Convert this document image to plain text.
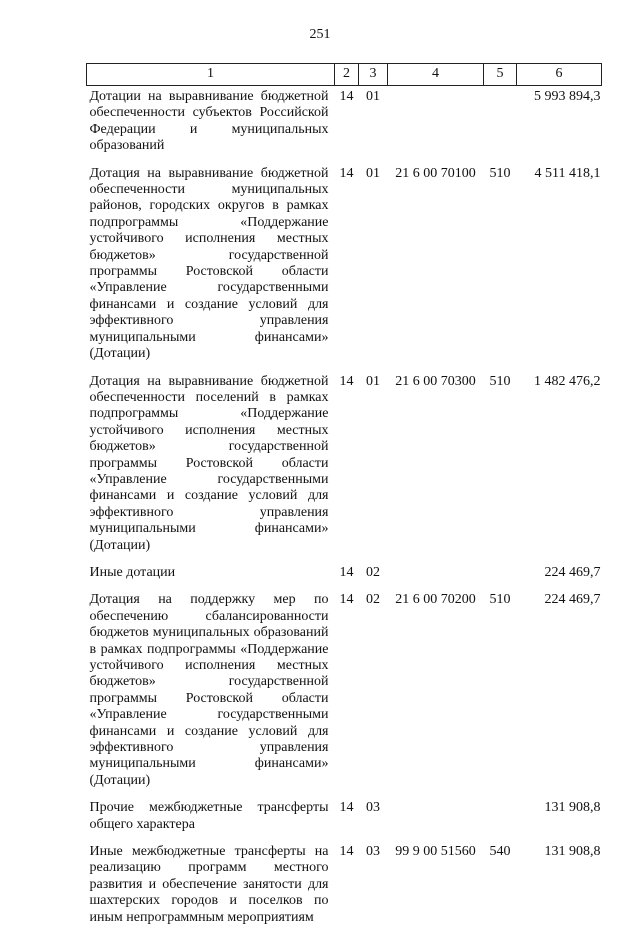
251
1	2	3	4	5	6
Дотации на выравнивание бюджетной обеспеченности субъектов Российской Федерации и муниципальных образований	14	01			5 993 894,3
Дотация на выравнивание бюджетной обеспеченности муниципальных районов, городских округов в рамках подпрограммы «Поддержание устойчивого исполнения местных бюджетов» государственной программы Ростовской области «Управлениe государственными финансами и создание условий для эффективного управления муниципальными финансами» (Дотации)	14	01	21 6 00 70100	510	4 511 418,1
Дотация на выравнивание бюджетной обеспеченности поселений в рамках подпрограммы «Поддержание устойчивого исполнения местных бюджетов» государственной программы Ростовской области «Управление государственными финансами и создание условий для эффективного управления муниципальными финансами» (Дотации)	14	01	21 6 00 70300	510	1 482 476,2
Иные дотации	14	02			224 469,7
Дотация на поддержку мер по обеспечению сбалансированности бюджетов муниципальных образований в рамках подпрограммы «Поддержание устойчивого исполнения местных бюджетов» государственной программы Ростовской области «Управление государственными финансами и создание условий для эффективного управления муниципальными финансами» (Дотации)	14	02	21 6 00 70200	510	224 469,7
Прочие межбюджетные трансферты общего характера	14	03			131 908,8
Иные межбюджетные трансферты на реализацию программ местного развития и обеспечение занятости для шахтерских городов и поселков по иным непрограммным мероприятиям	14	03	99 9 00 51560	540	131 908,8
